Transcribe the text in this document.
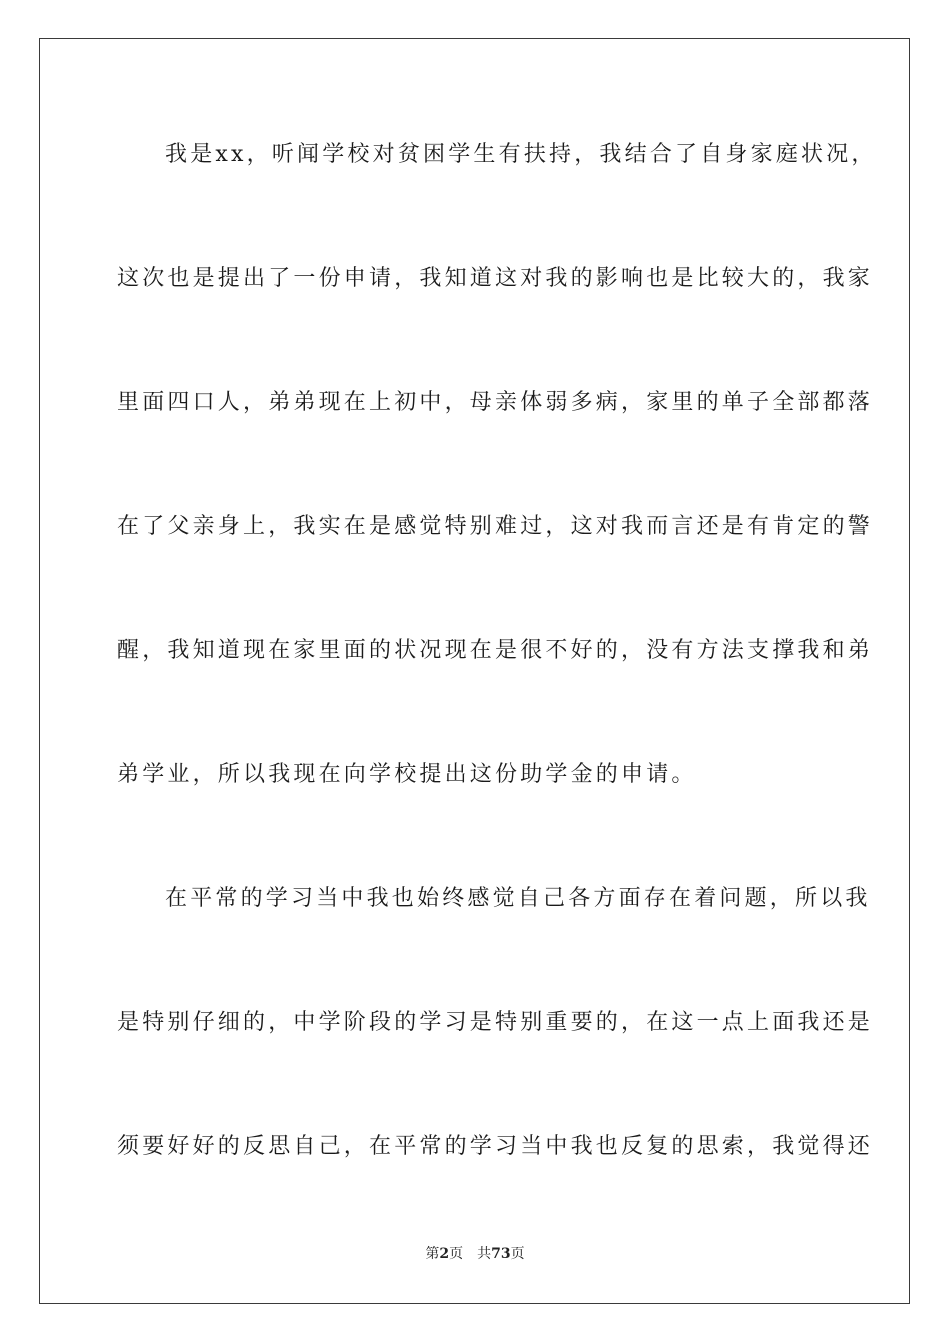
我是xx，听闻学校对贫困学生有扶持，我结合了自身家庭状况，
这次也是提出了一份申请，我知道这对我的影响也是比较大的，我家
里面四口人，弟弟现在上初中，母亲体弱多病，家里的单子全部都落
在了父亲身上，我实在是感觉特别难过，这对我而言还是有肯定的警
醒，我知道现在家里面的状况现在是很不好的，没有方法支撑我和弟
弟学业，所以我现在向学校提出这份助学金的申请。
在平常的学习当中我也始终感觉自己各方面存在着问题，所以我
是特别仔细的，中学阶段的学习是特别重要的，在这一点上面我还是
须要好好的反思自己，在平常的学习当中我也反复的思索，我觉得还
第2页 共73页
